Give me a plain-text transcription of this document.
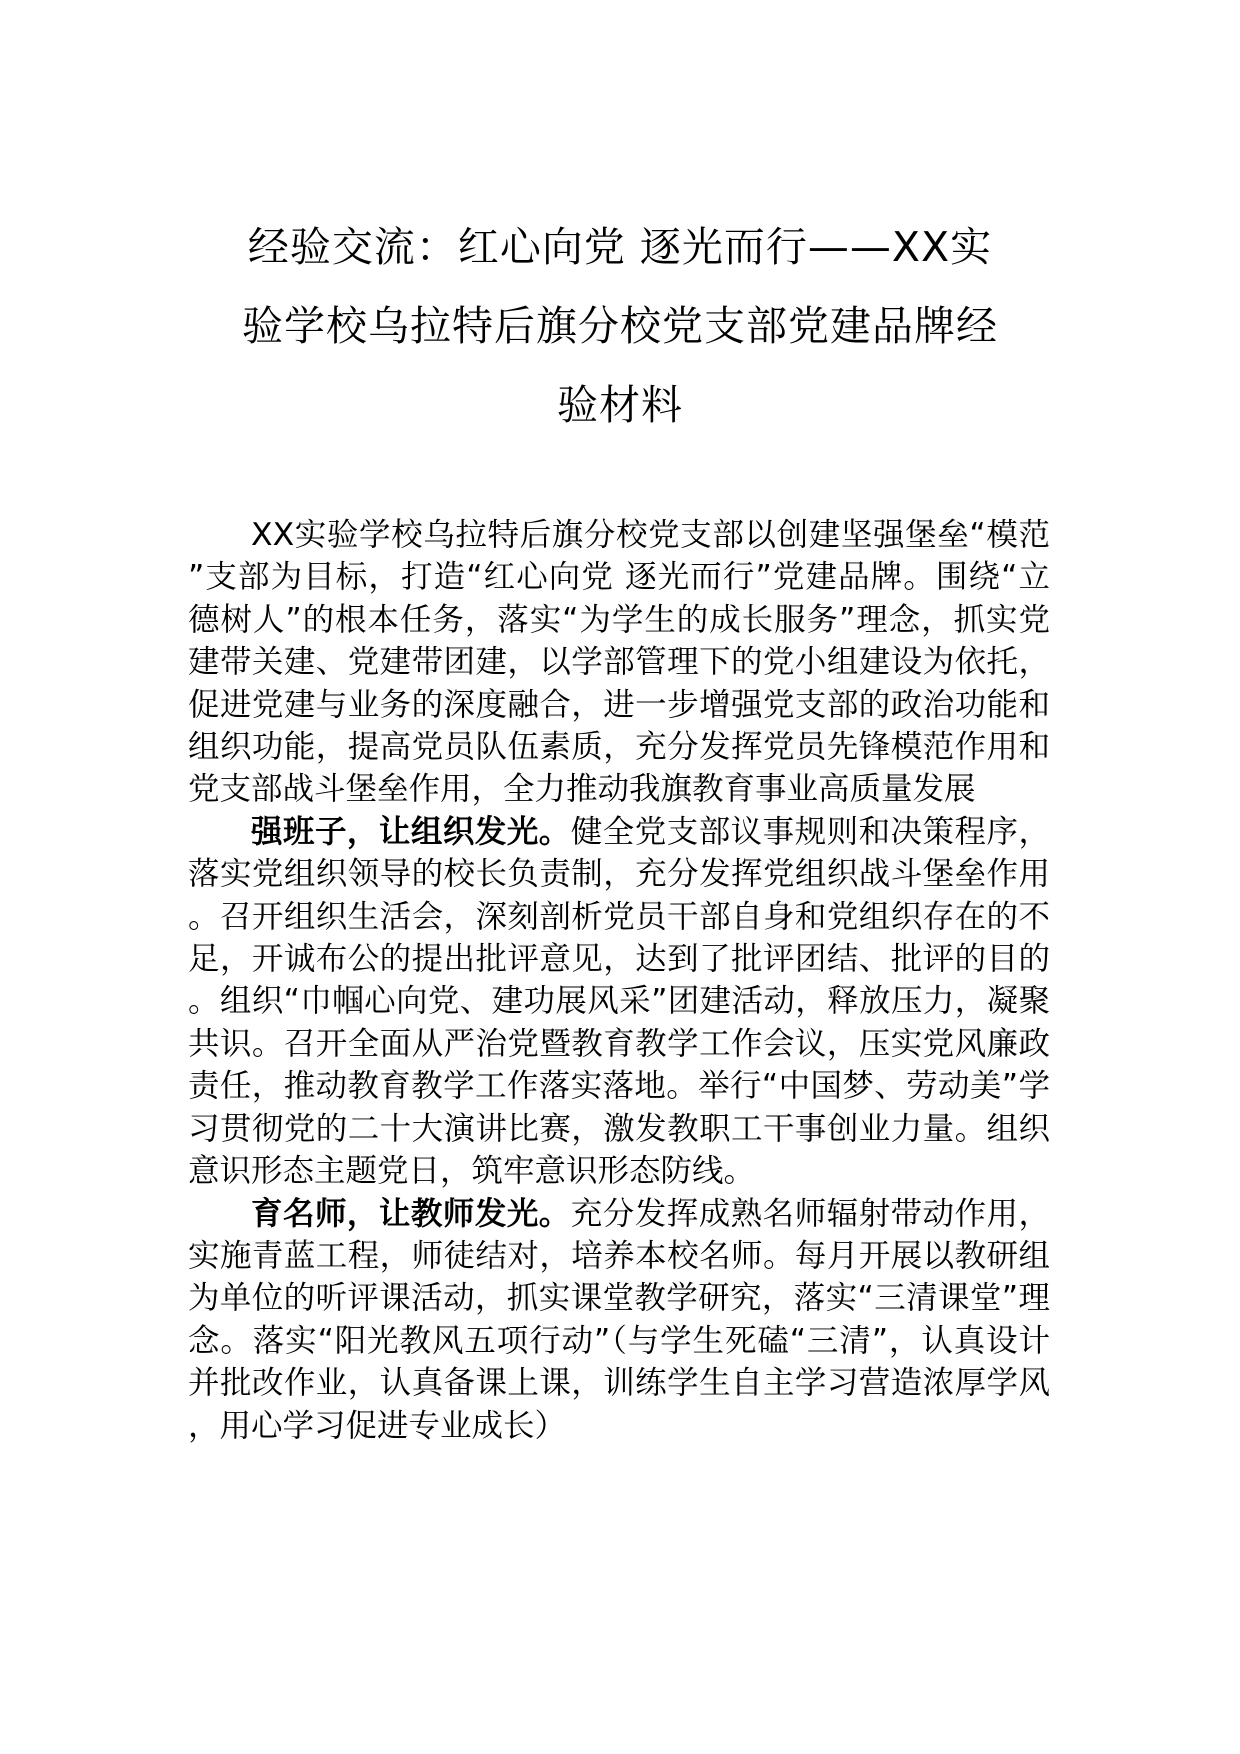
经验交流：红心向党 逐光而行——XX实
验学校乌拉特后旗分校党支部党建品牌经
验材料

XX实验学校乌拉特后旗分校党支部以创建坚强堡垒“模范”支部为目标，打造“红心向党 逐光而行”党建品牌。围绕“立德树人”的根本任务，落实“为学生的成长服务”理念，抓实党建带关建、党建带团建，以学部管理下的党小组建设为依托，促进党建与业务的深度融合，进一步增强党支部的政治功能和组织功能，提高党员队伍素质，充分发挥党员先锋模范作用和党支部战斗堡垒作用，全力推动我旗教育事业高质量发展

强班子，让组织发光。健全党支部议事规则和决策程序，落实党组织领导的校长负责制，充分发挥党组织战斗堡垒作用。召开组织生活会，深刻剖析党员干部自身和党组织存在的不足，开诚布公的提出批评意见，达到了批评团结、批评的目的。组织“巾帼心向党、建功展风采”团建活动，释放压力，凝聚共识。召开全面从严治党暨教育教学工作会议，压实党风廉政责任，推动教育教学工作落实落地。举行“中国梦、劳动美”学习贯彻党的二十大演讲比赛，激发教职工干事创业力量。组织意识形态主题党日，筑牢意识形态防线。

育名师，让教师发光。充分发挥成熟名师辐射带动作用，实施青蓝工程，师徒结对，培养本校名师。每月开展以教研组为单位的听评课活动，抓实课堂教学研究，落实“三清课堂”理念。落实“阳光教风五项行动”（与学生死磕“三清”，认真设计并批改作业，认真备课上课，训练学生自主学习营造浓厚学风，用心学习促进专业成长）
